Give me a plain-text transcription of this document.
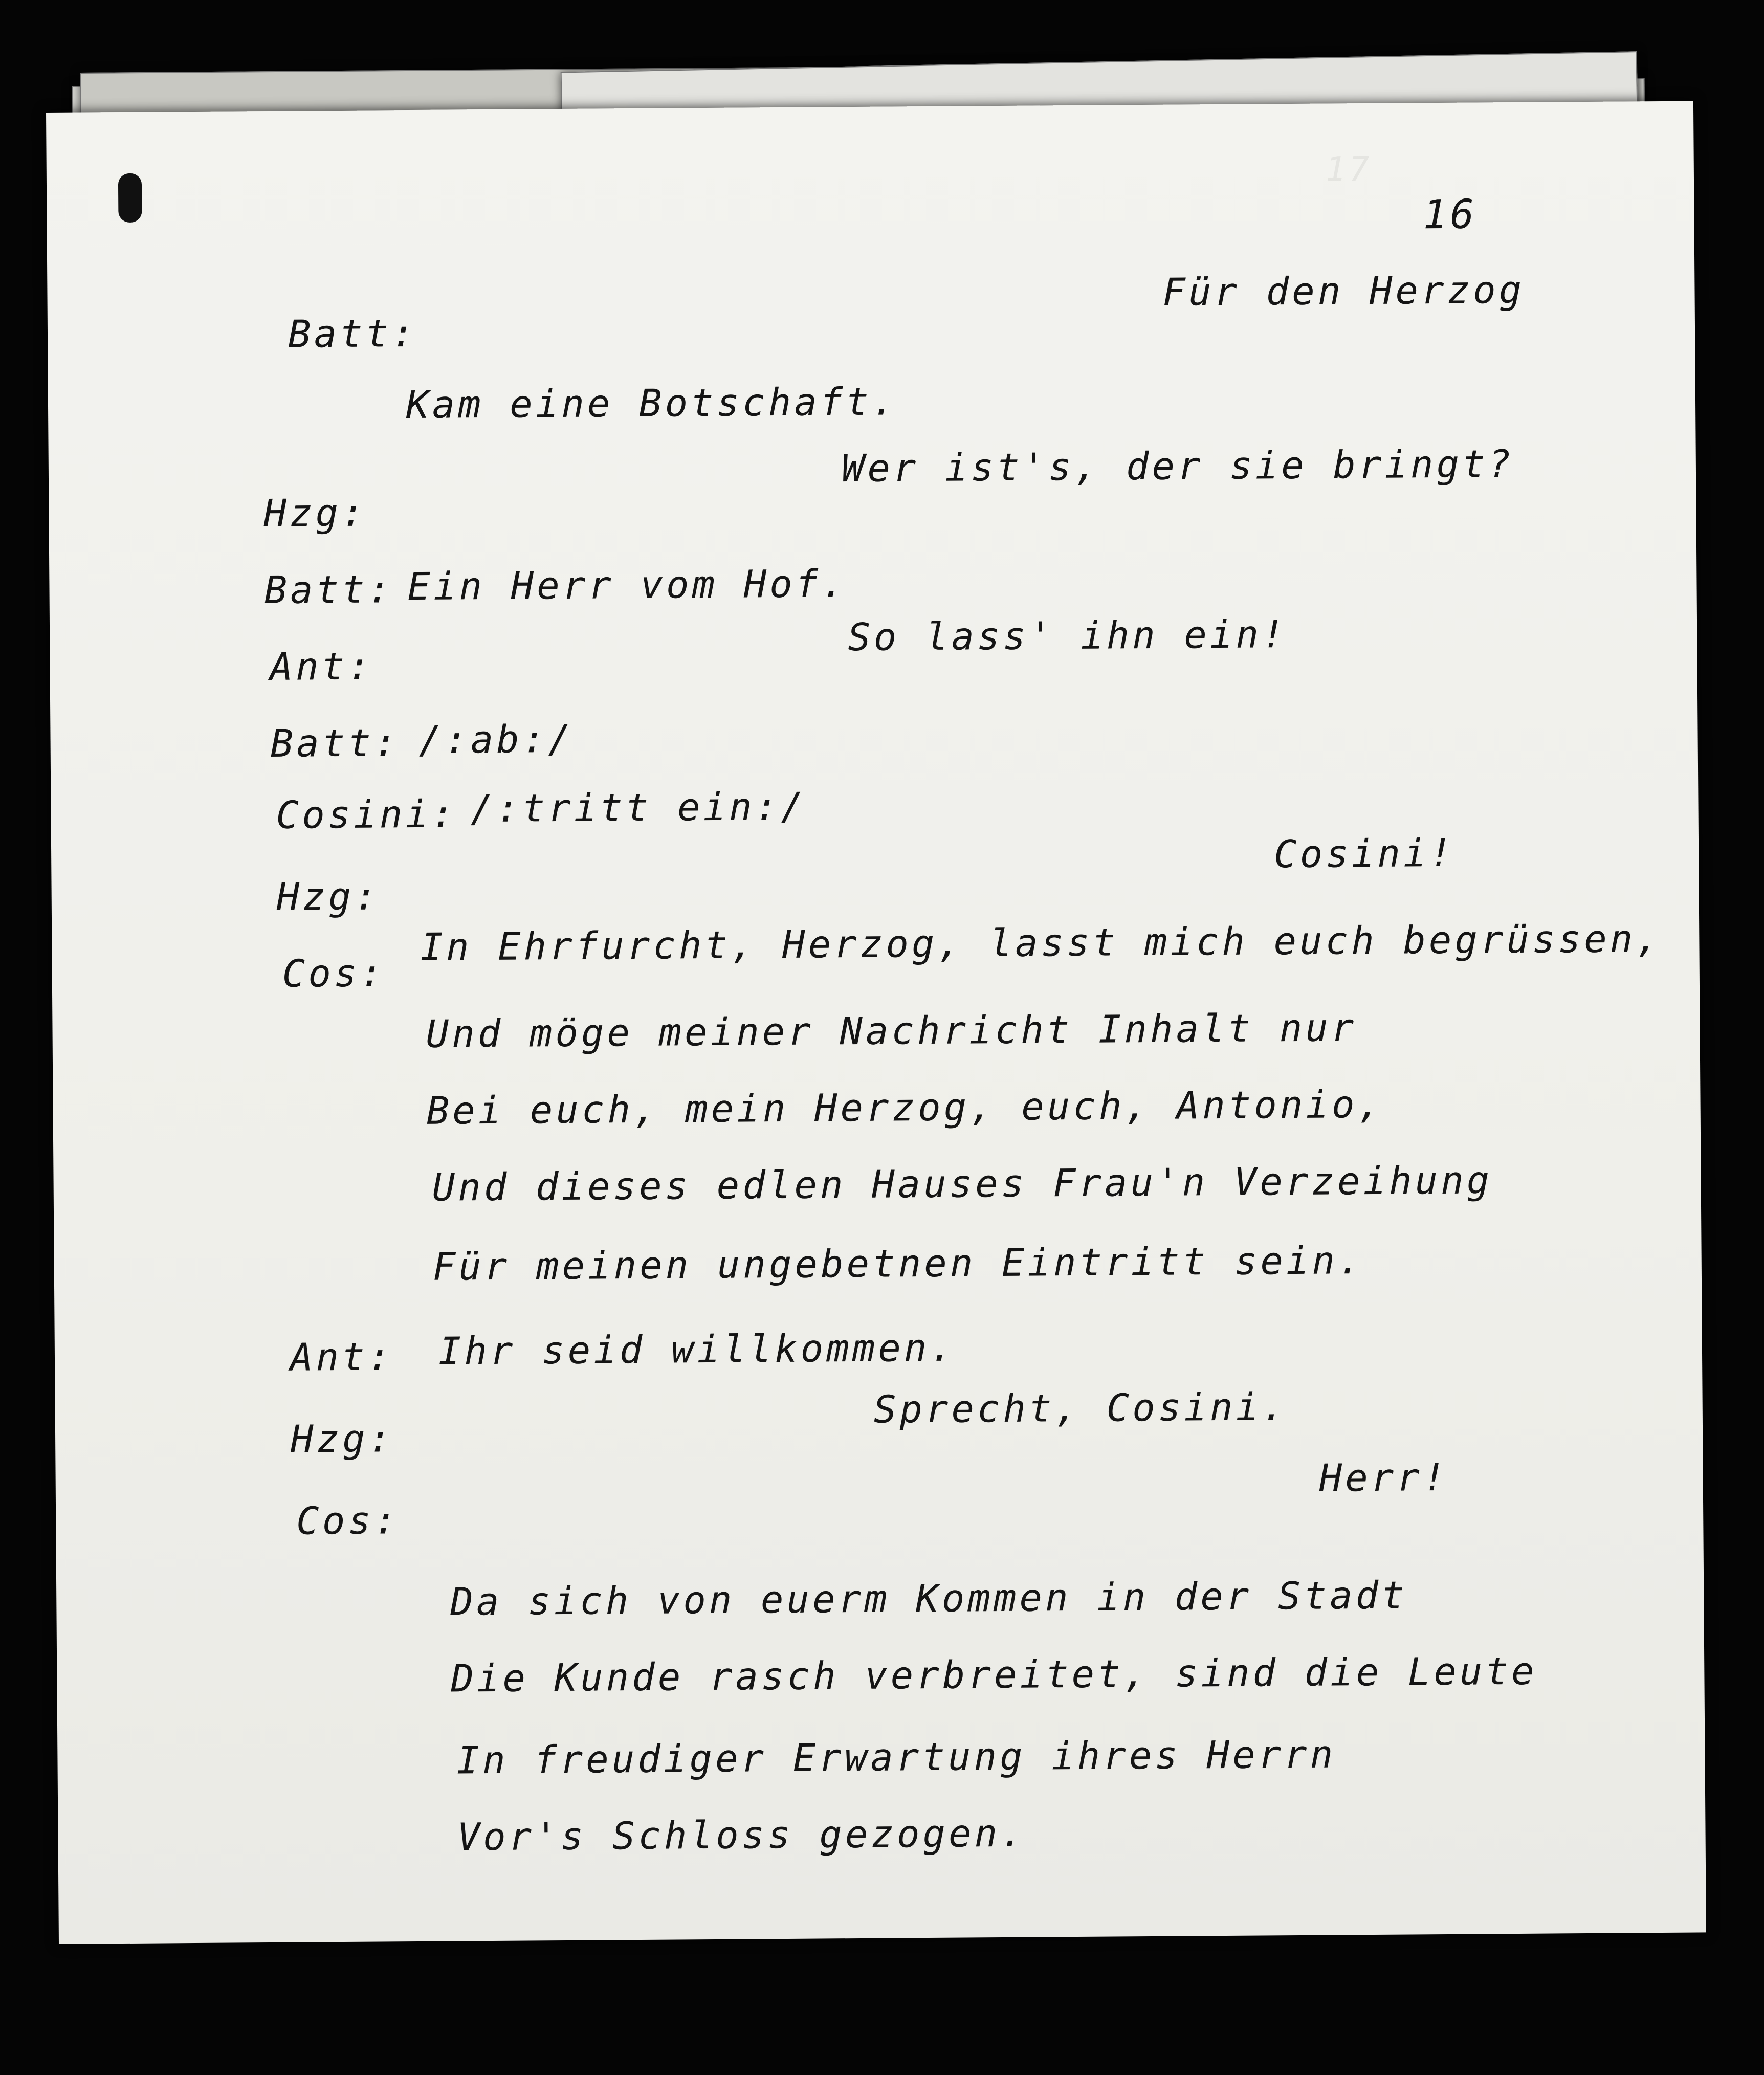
17
16
Batt:
Für den Herzog
Kam eine Botschaft.
Hzg:
Wer ist's, der sie bringt?
Batt: Ein Herr vom Hof.
Ant:
So lass' ihn ein!
Batt: /:ab:/
Cosini: /:tritt ein:/
Hzg:
Cosini!
Cos:
In Ehrfurcht, Herzog, lasst mich euch begrüssen,
Und möge meiner Nachricht Inhalt nur
Bei euch, mein Herzog, euch, Antonio,
Und dieses edlen Hauses Frau'n Verzeihung
Für meinen ungebetnen Eintritt sein.
Ant: Ihr seid willkommen.
Hzg:
Sprecht, Cosini.
Cos:
Herr!
Da sich von euerm Kommen in der Stadt
Die Kunde rasch verbreitet, sind die Leute
In freudiger Erwartung ihres Herrn
Vor's Schloss gezogen.
